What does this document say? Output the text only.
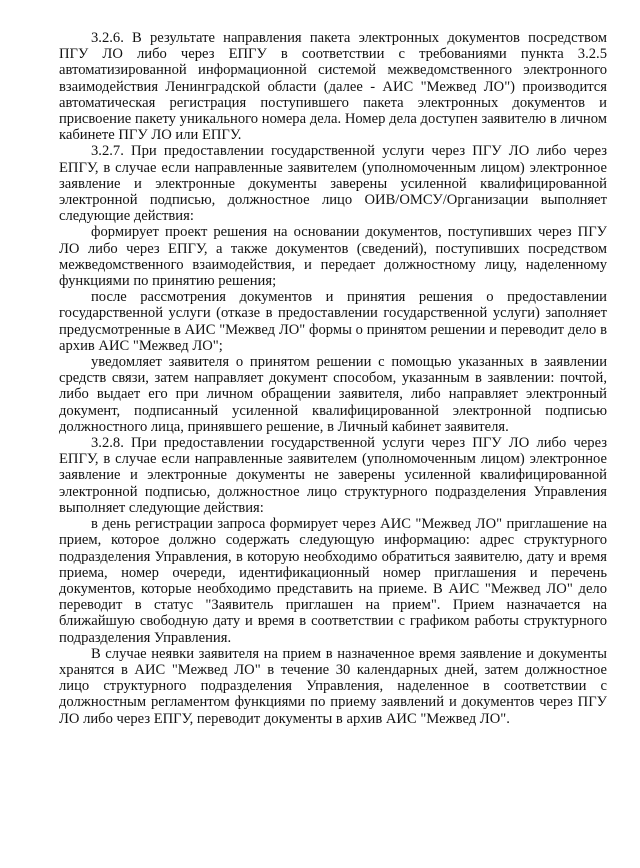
3.2.6. В результате направления пакета электронных документов посредством ПГУ ЛО либо через ЕПГУ в соответствии с требованиями пункта 3.2.5 автоматизированной информационной системой межведомственного электронного взаимодействия Ленинградской области (далее - АИС "Межвед ЛО") производится автоматическая регистрация поступившего пакета электронных документов и присвоение пакету уникального номера дела. Номер дела доступен заявителю в личном кабинете ПГУ ЛО или ЕПГУ.

3.2.7. При предоставлении государственной услуги через ПГУ ЛО либо через ЕПГУ, в случае если направленные заявителем (уполномоченным лицом) электронное заявление и электронные документы заверены усиленной квалифицированной электронной подписью, должностное лицо ОИВ/ОМСУ/Организации выполняет следующие действия:

формирует проект решения на основании документов, поступивших через ПГУ ЛО либо через ЕПГУ, а также документов (сведений), поступивших посредством межведомственного взаимодействия, и передает должностному лицу, наделенному функциями по принятию решения;

после рассмотрения документов и принятия решения о предоставлении государственной услуги (отказе в предоставлении государственной услуги) заполняет предусмотренные в АИС "Межвед ЛО" формы о принятом решении и переводит дело в архив АИС "Межвед ЛО";

уведомляет заявителя о принятом решении с помощью указанных в заявлении средств связи, затем направляет документ способом, указанным в заявлении: почтой, либо выдает его при личном обращении заявителя, либо направляет электронный документ, подписанный усиленной квалифицированной электронной подписью должностного лица, принявшего решение, в Личный кабинет заявителя.

3.2.8. При предоставлении государственной услуги через ПГУ ЛО либо через ЕПГУ, в случае если направленные заявителем (уполномоченным лицом) электронное заявление и электронные документы не заверены усиленной квалифицированной электронной подписью, должностное лицо структурного подразделения Управления выполняет следующие действия:

в день регистрации запроса формирует через АИС "Межвед ЛО" приглашение на прием, которое должно содержать следующую информацию: адрес структурного подразделения Управления, в которую необходимо обратиться заявителю, дату и время приема, номер очереди, идентификационный номер приглашения и перечень документов, которые необходимо представить на приеме. В АИС "Межвед ЛО" дело переводит в статус "Заявитель приглашен на прием". Прием назначается на ближайшую свободную дату и время в соответствии с графиком работы структурного подразделения Управления.

В случае неявки заявителя на прием в назначенное время заявление и документы хранятся в АИС "Межвед ЛО" в течение 30 календарных дней, затем должностное лицо структурного подразделения Управления, наделенное в соответствии с должностным регламентом функциями по приему заявлений и документов через ПГУ ЛО либо через ЕПГУ, переводит документы в архив АИС "Межвед ЛО".
